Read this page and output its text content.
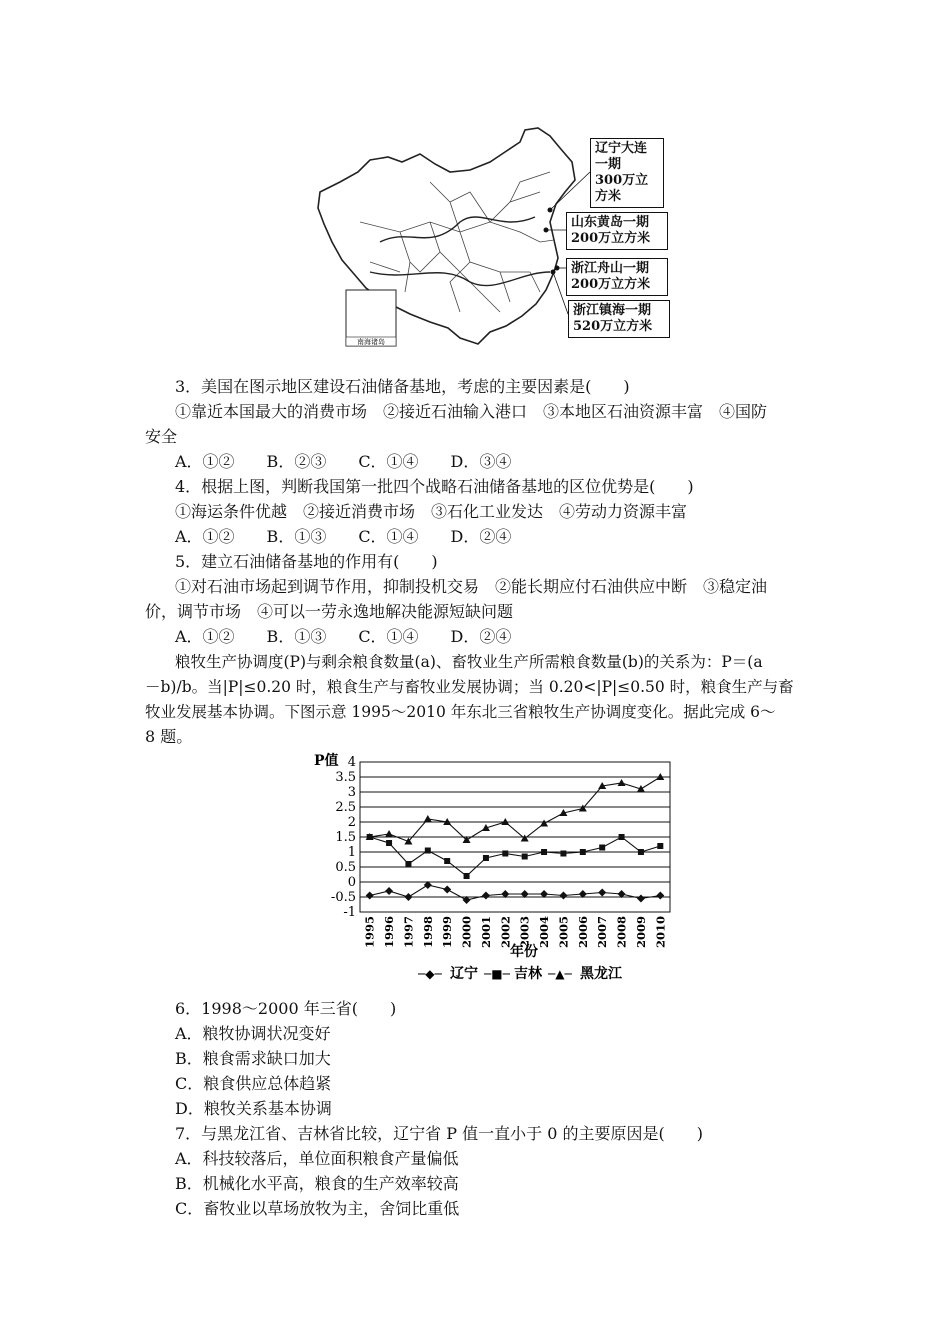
南海诸岛
辽宁大连
一期
300万立
方米
山东黄岛一期
200万立方米
浙江舟山一期
200万立方米
浙江镇海一期
520万立方米
3．美国在图示地区建设石油储备基地，考虑的主要因素是(　　)
①靠近本国最大的消费市场　②接近石油输入港口　③本地区石油资源丰富　④国防
安全
A．①②　　B．②③　　C．①④　　D．③④
4．根据上图，判断我国第一批四个战略石油储备基地的区位优势是(　　)
①海运条件优越　②接近消费市场　③石化工业发达　④劳动力资源丰富
A．①②　　B．①③　　C．①④　　D．②④
5．建立石油储备基地的作用有(　　)
①对石油市场起到调节作用，抑制投机交易　②能长期应付石油供应中断　③稳定油
价，调节市场　④可以一劳永逸地解决能源短缺问题
A．①②　　B．①③　　C．①④　　D．②④
粮牧生产协调度(P)与剩余粮食数量(a)、畜牧业生产所需粮食数量(b)的关系为：P＝(a
－b)/b。当|P|≤0.20 时，粮食生产与畜牧业发展协调；当 0.20<|P|≤0.50 时，粮食生产与畜
牧业发展基本协调。下图示意 1995～2010 年东北三省粮牧生产协调度变化。据此完成 6～
8 题。
P值
-1
-0.5
0
0.5
1
1.5
2
2.5
3
3.5
4
1995 1996 1997 1998 1999 2000 2001 2002 2003 2004 2005 2006 2007 2008 2009 2010
年份
─◆─ 辽宁 ─■─ 吉林 ─▲─ 黑龙江
6．1998～2000 年三省(　　)
A．粮牧协调状况变好
B．粮食需求缺口加大
C．粮食供应总体趋紧
D．粮牧关系基本协调
7．与黑龙江省、吉林省比较，辽宁省 P 值一直小于 0 的主要原因是(　　)
A．科技较落后，单位面积粮食产量偏低
B．机械化水平高，粮食的生产效率较高
C．畜牧业以草场放牧为主，舍饲比重低
